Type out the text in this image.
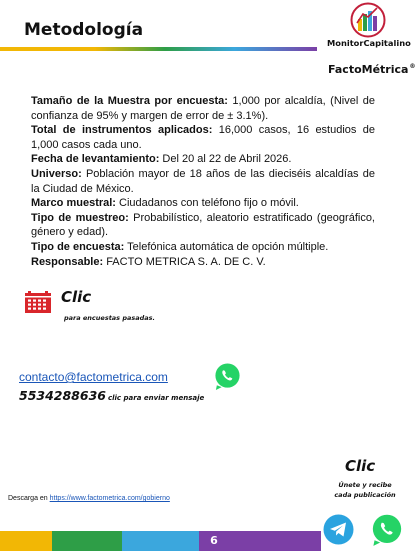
Metodología
MonitorCapitalino
FactoMétrica®

Tamaño de la Muestra por encuesta: 1,000 por alcaldía, (Nivel de confianza de 95% y margen de error de ± 3.1%).

Total de instrumentos aplicados: 16,000 casos, 16 estudios de 1,000 casos cada uno.

Fecha de levantamiento: Del 20 al 22 de Abril 2026.

Universo: Población mayor de 18 años de las dieciséis alcaldías de la Ciudad de México.

Marco muestral: Ciudadanos con teléfono fijo o móvil.

Tipo de muestreo: Probabilístico, aleatorio estratificado (geográfico, género y edad).

Tipo de encuesta: Telefónica automática de opción múltiple.

Responsable: FACTO METRICA S. A. DE C. V.

Clic
para encuestas pasadas.
contacto@factometrica.com
5534288636 clic para enviar mensaje
Clic
Únete y recibe
cada publicación
Descarga en https://www.factometrica.com/gobierno
6
